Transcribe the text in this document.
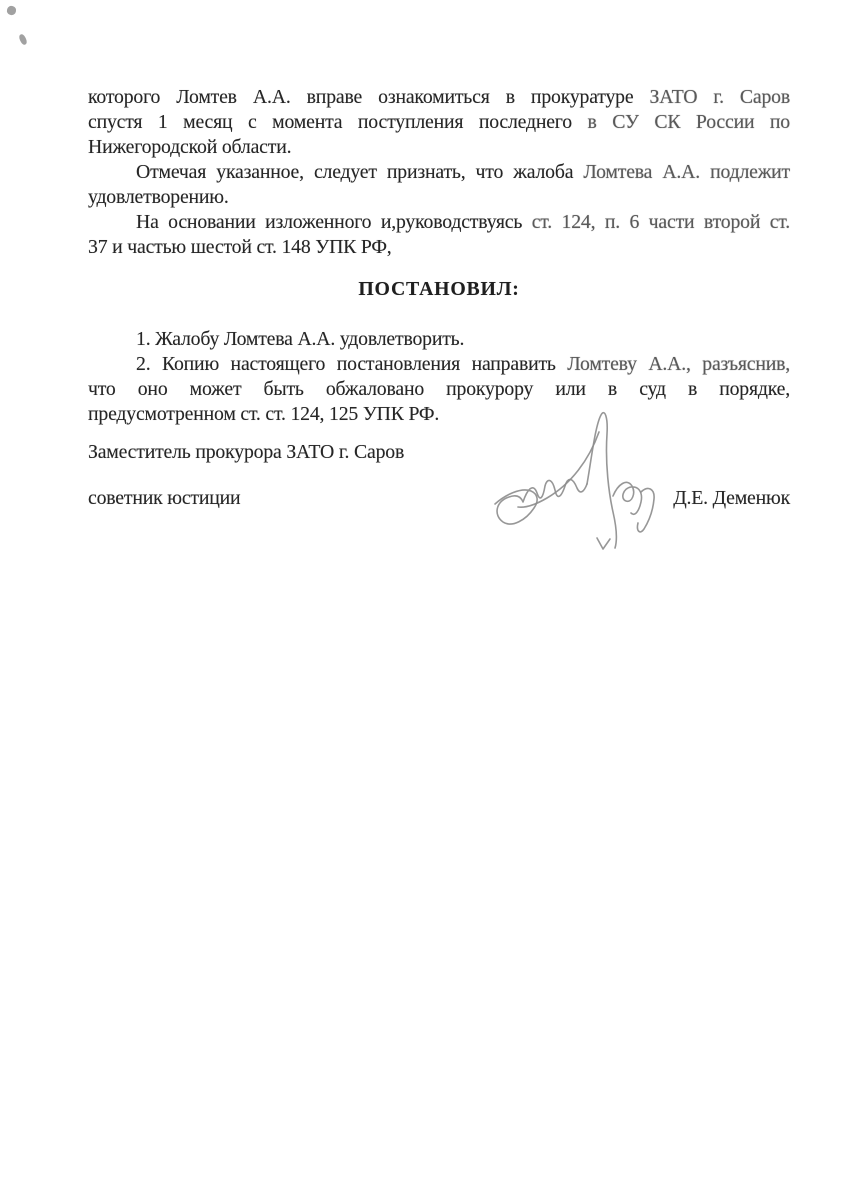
которого Ломтев А.А. вправе ознакомиться в прокуратуре ЗАТО г. Саров
спустя 1 месяц с момента поступления последнего в СУ СК России по
Нижегородской области.
Отмечая указанное, следует признать, что жалоба Ломтева А.А. подлежит
удовлетворению.
На основании изложенного и,руководствуясь ст. 124, п. 6 части второй ст.
37 и частью шестой ст. 148 УПК РФ,
ПОСТАНОВИЛ:
1. Жалобу Ломтева А.А. удовлетворить.
2. Копию настоящего постановления направить Ломтеву А.А., разъяснив,
что оно может быть обжаловано прокурору или в суд в порядке,
предусмотренном ст. ст. 124, 125 УПК РФ.
Заместитель прокурора ЗАТО г. Саров
советник юстиции	Д.Е. Деменюк
